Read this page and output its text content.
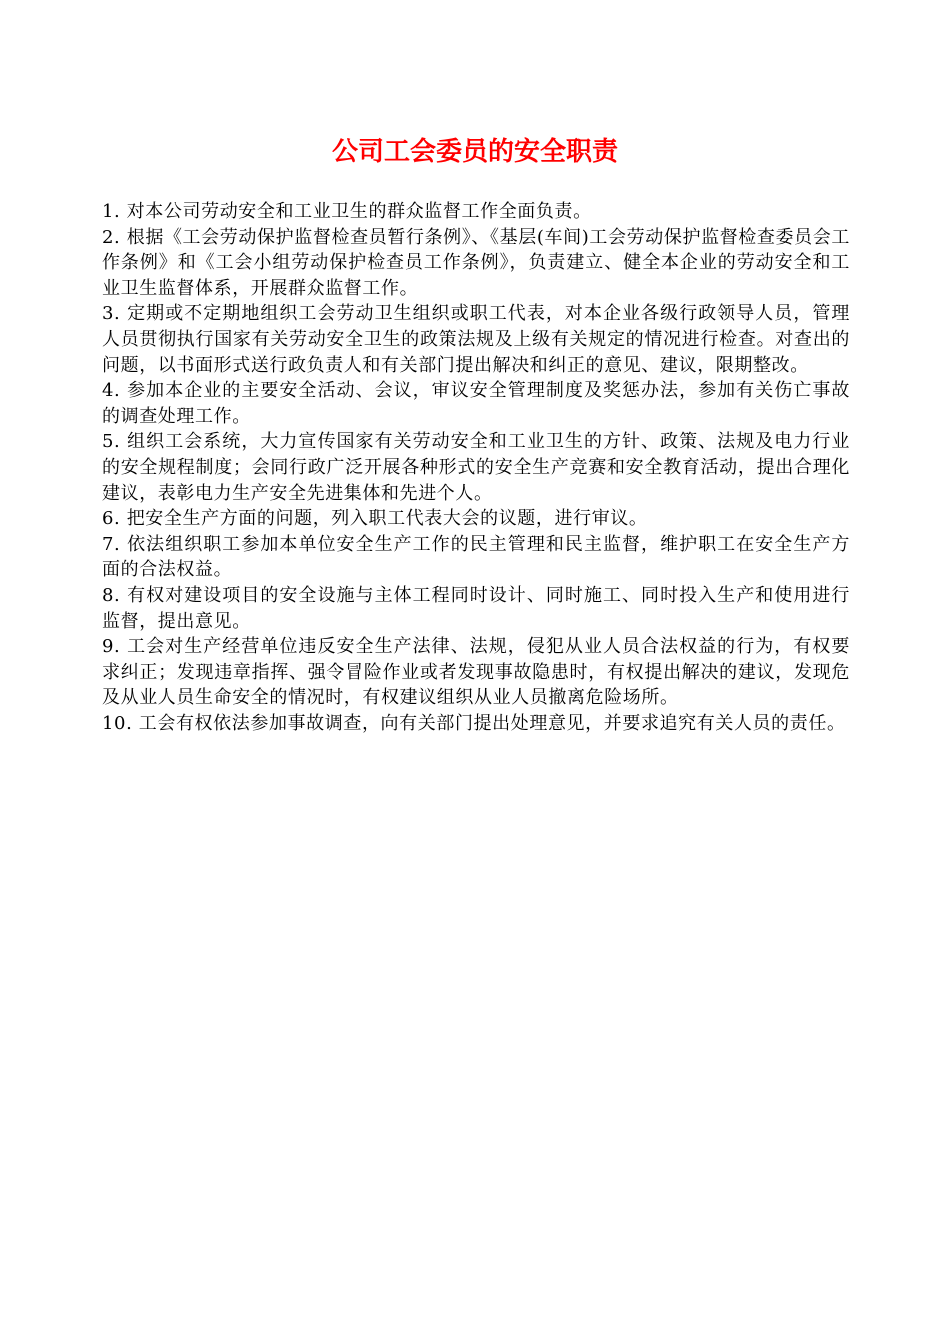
公司工会委员的安全职责
1. 对本公司劳动安全和工业卫生的群众监督工作全面负责。
2. 根据《工会劳动保护监督检查员暂行条例》、《基层(车间)工会劳动保护监督检查委员会工作条例》和《工会小组劳动保护检查员工作条例》，负责建立、健全本企业的劳动安全和工业卫生监督体系，开展群众监督工作。
3. 定期或不定期地组织工会劳动卫生组织或职工代表，对本企业各级行政领导人员，管理人员贯彻执行国家有关劳动安全卫生的政策法规及上级有关规定的情况进行检查。对查出的问题，以书面形式送行政负责人和有关部门提出解决和纠正的意见、建议，限期整改。
4. 参加本企业的主要安全活动、会议，审议安全管理制度及奖惩办法，参加有关伤亡事故的调查处理工作。
5. 组织工会系统，大力宣传国家有关劳动安全和工业卫生的方针、政策、法规及电力行业的安全规程制度；会同行政广泛开展各种形式的安全生产竞赛和安全教育活动，提出合理化建议，表彰电力生产安全先进集体和先进个人。
6. 把安全生产方面的问题，列入职工代表大会的议题，进行审议。
7. 依法组织职工参加本单位安全生产工作的民主管理和民主监督，维护职工在安全生产方面的合法权益。
8. 有权对建设项目的安全设施与主体工程同时设计、同时施工、同时投入生产和使用进行监督，提出意见。
9. 工会对生产经营单位违反安全生产法律、法规，侵犯从业人员合法权益的行为，有权要求纠正；发现违章指挥、强令冒险作业或者发现事故隐患时，有权提出解决的建议，发现危及从业人员生命安全的情况时，有权建议组织从业人员撤离危险场所。
10. 工会有权依法参加事故调查，向有关部门提出处理意见，并要求追究有关人员的责任。
